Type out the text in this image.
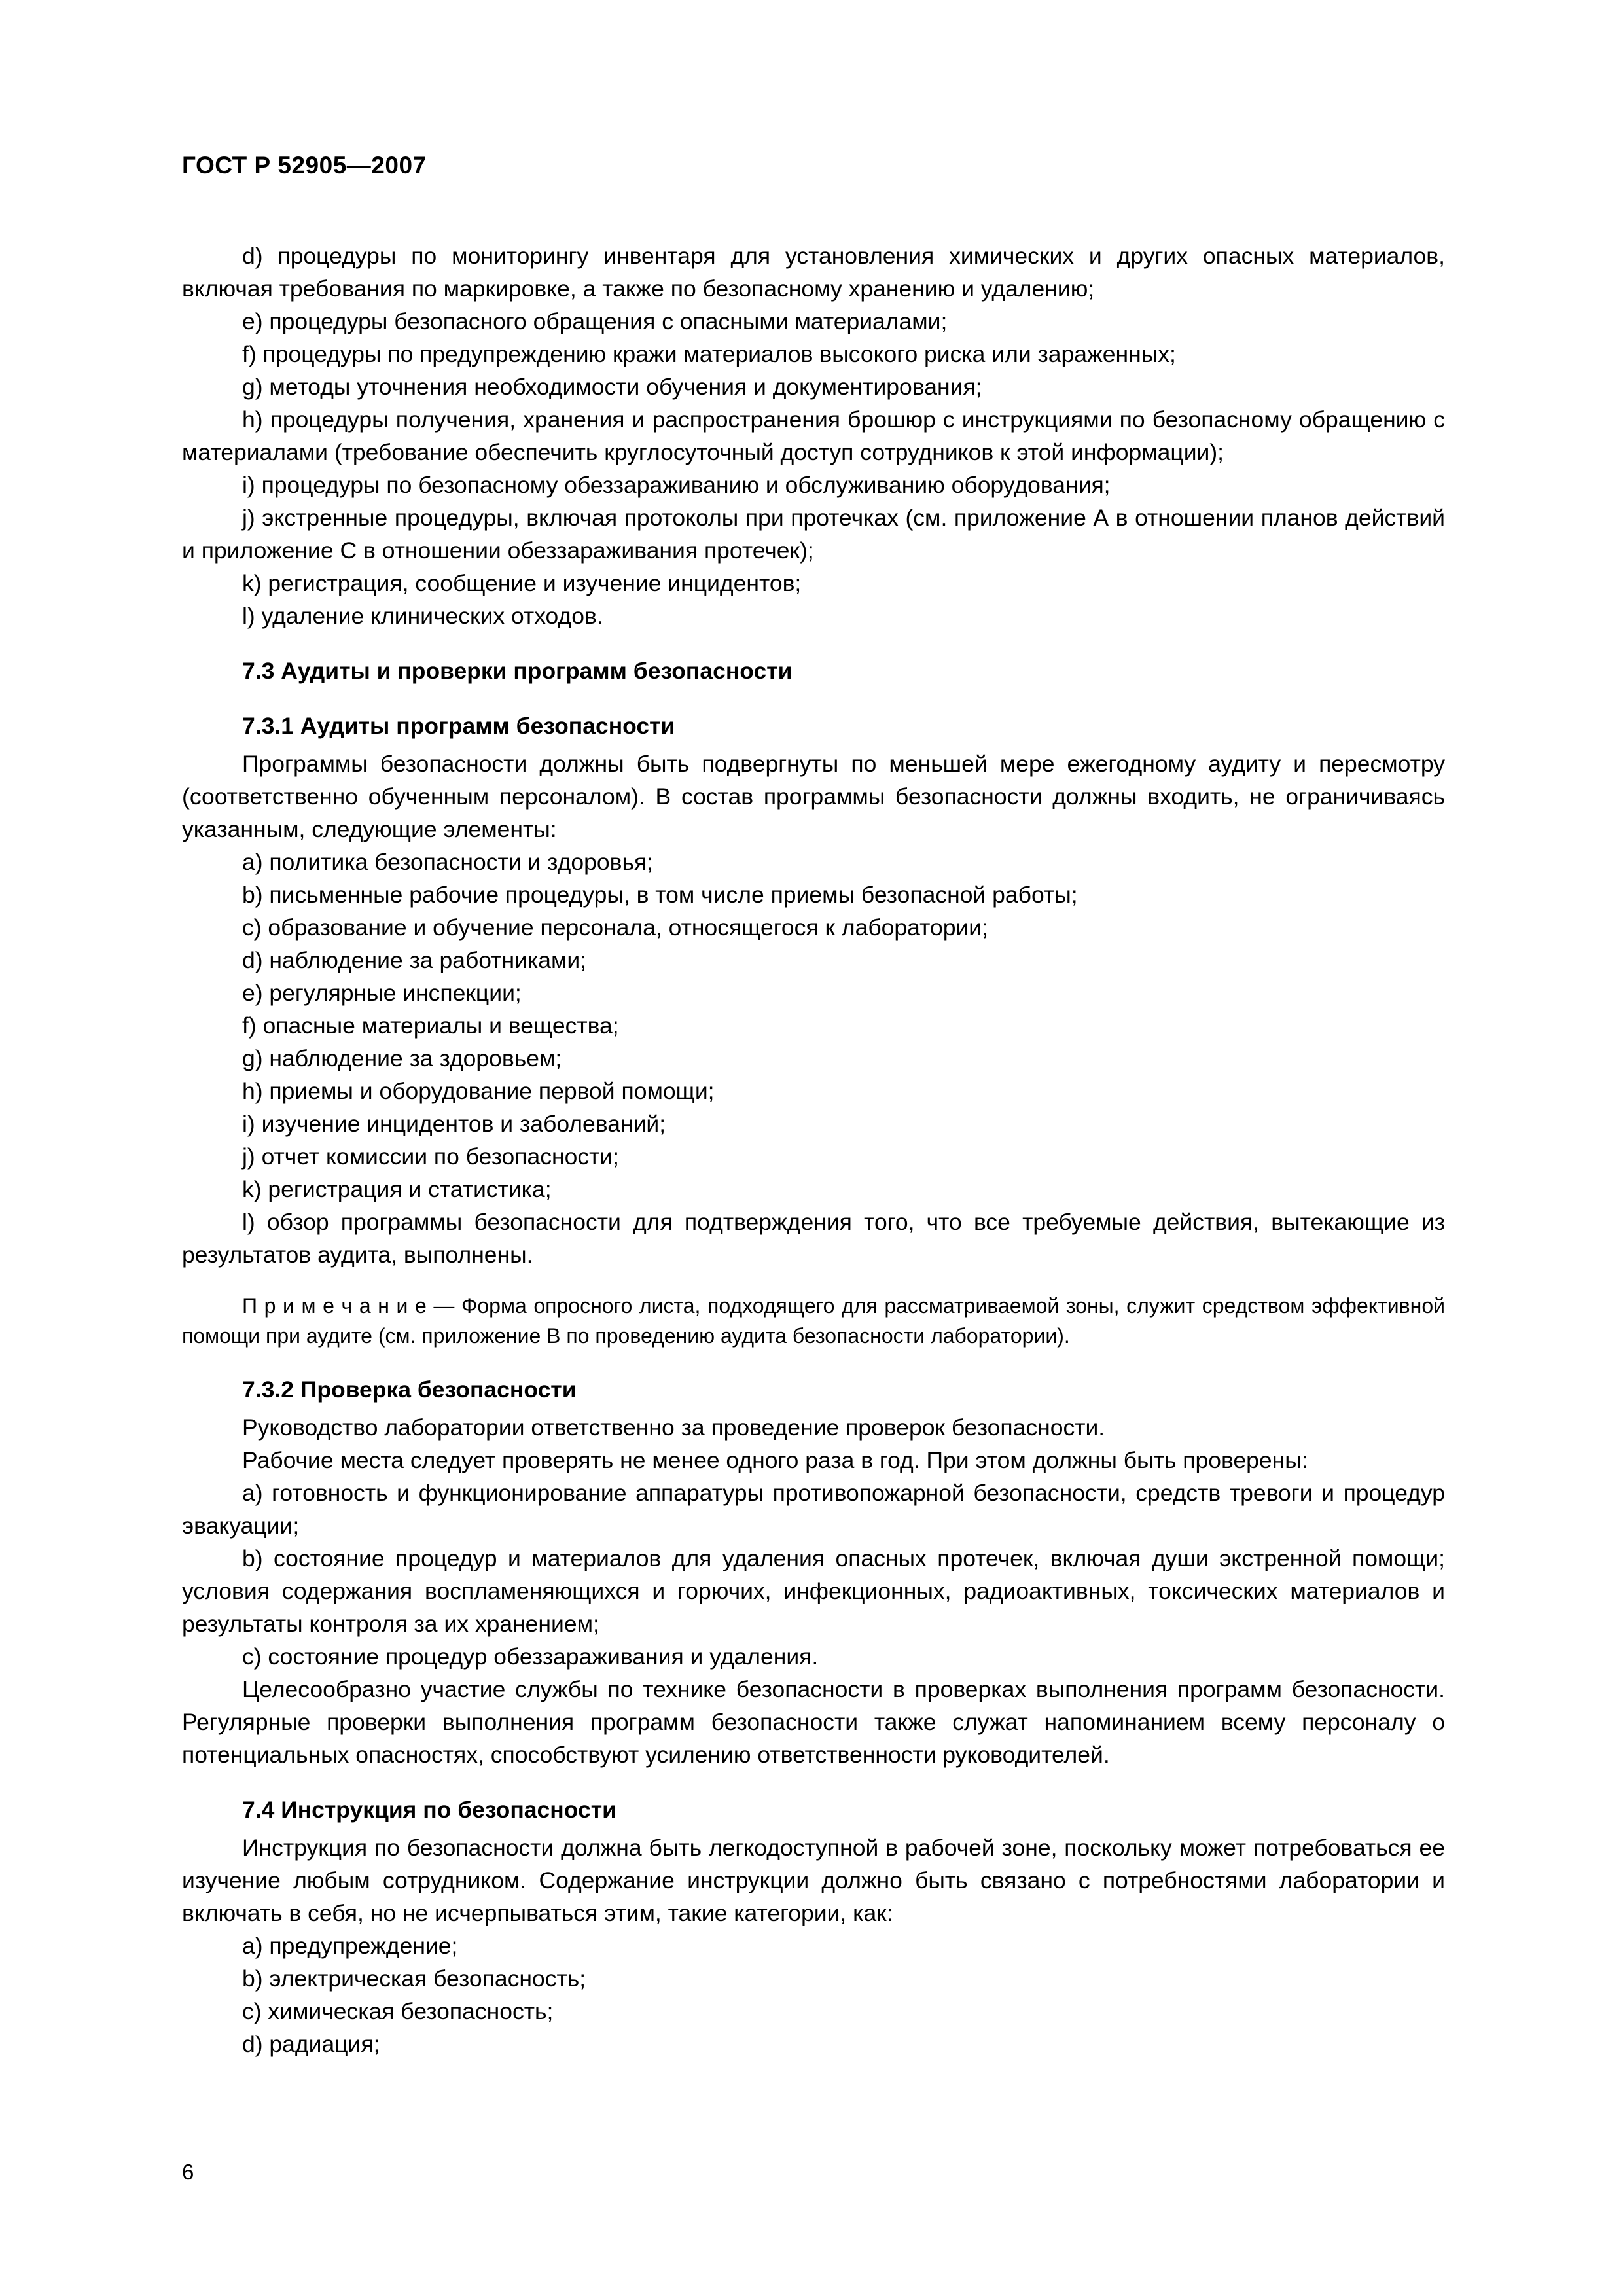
ГОСТ Р 52905—2007

d) процедуры по мониторингу инвентаря для установления химических и других опасных материалов, включая требования по маркировке, а также по безопасному хранению и удалению;

e) процедуры безопасного обращения с опасными материалами;

f) процедуры по предупреждению кражи материалов высокого риска или зараженных;

g) методы уточнения необходимости обучения и документирования;

h) процедуры получения, хранения и распространения брошюр с инструкциями по безопасному обращению с материалами (требование обеспечить круглосуточный доступ сотрудников к этой информации);

i) процедуры по безопасному обеззараживанию и обслуживанию оборудования;

j) экстренные процедуры, включая протоколы при протечках (см. приложение А в отношении планов действий и приложение С в отношении обеззараживания протечек);

k) регистрация, сообщение и изучение инцидентов;

l) удаление клинических отходов.

7.3 Аудиты и проверки программ безопасности
7.3.1 Аудиты программ безопасности

Программы безопасности должны быть подвергнуты по меньшей мере ежегодному аудиту и пересмотру (соответственно обученным персоналом). В состав программы безопасности должны входить, не ограничиваясь указанным, следующие элементы:

a) политика безопасности и здоровья;

b) письменные рабочие процедуры, в том числе приемы безопасной работы;

c) образование и обучение персонала, относящегося к лаборатории;

d) наблюдение за работниками;

e) регулярные инспекции;

f) опасные материалы и вещества;

g) наблюдение за здоровьем;

h) приемы и оборудование первой помощи;

i) изучение инцидентов и заболеваний;

j) отчет комиссии по безопасности;

k) регистрация и статистика;

l) обзор программы безопасности для подтверждения того, что все требуемые действия, вытекающие из результатов аудита, выполнены.

П р и м е ч а н и е — Форма опросного листа, подходящего для рассматриваемой зоны, служит средством эффективной помощи при аудите (см. приложение В по проведению аудита безопасности лаборатории).

7.3.2 Проверка безопасности

Руководство лаборатории ответственно за проведение проверок безопасности.

Рабочие места следует проверять не менее одного раза в год. При этом должны быть проверены:

a) готовность и функционирование аппаратуры противопожарной безопасности, средств тревоги и процедур эвакуации;

b) состояние процедур и материалов для удаления опасных протечек, включая души экстренной помощи; условия содержания воспламеняющихся и горючих, инфекционных, радиоактивных, токсических материалов и результаты контроля за их хранением;

c) состояние процедур обеззараживания и удаления.

Целесообразно участие службы по технике безопасности в проверках выполнения программ безопасности. Регулярные проверки выполнения программ безопасности также служат напоминанием всему персоналу о потенциальных опасностях, способствуют усилению ответственности руководителей.

7.4 Инструкция по безопасности

Инструкция по безопасности должна быть легкодоступной в рабочей зоне, поскольку может потребоваться ее изучение любым сотрудником. Содержание инструкции должно быть связано с потребностями лаборатории и включать в себя, но не исчерпываться этим, такие категории, как:

a) предупреждение;

b) электрическая безопасность;

c) химическая безопасность;

d) радиация;

6
